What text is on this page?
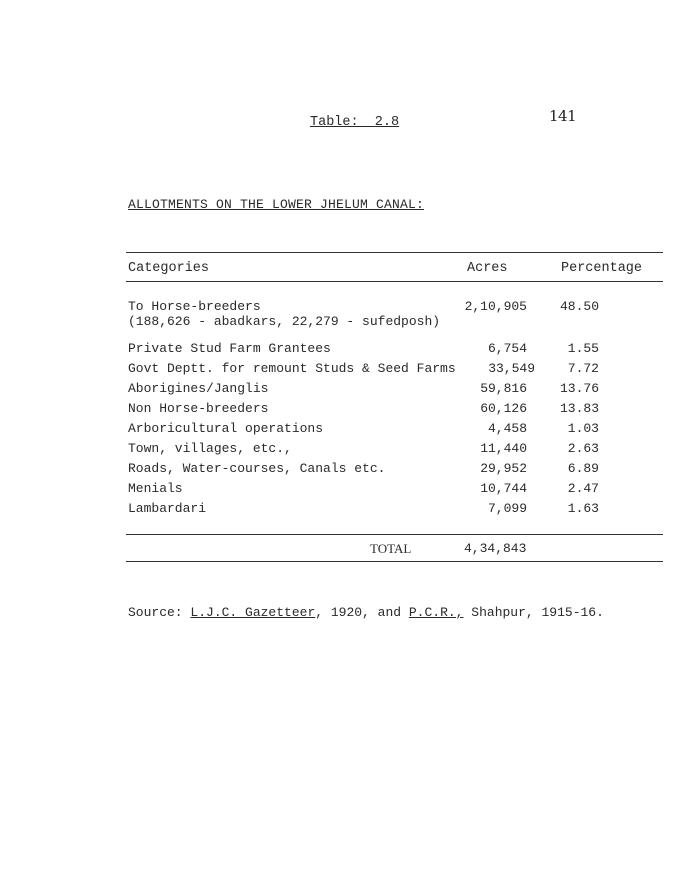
141
Table:  2.8
ALLOTMENTS ON THE LOWER JHELUM CANAL:
Categories	Acres	Percentage
To Horse-breeders
(188,626 - abadkars, 22,279 - sufedposh)
2,10,905	48.50
Private Stud Farm Grantees	6,754	1.55
Govt Deptt. for remount Studs & Seed Farms	33,549	7.72
Aborigines/Janglis	59,816	13.76
Non Horse-breeders	60,126	13.83
Arboricultural operations	4,458	1.03
Town, villages, etc.,	11,440	2.63
Roads, Water-courses, Canals etc.	29,952	6.89
Menials	10,744	2.47
Lambardari	7,099	1.63
TOTAL	4,34,843
Source: L.J.C. Gazetteer, 1920, and P.C.R., Shahpur, 1915-16.
